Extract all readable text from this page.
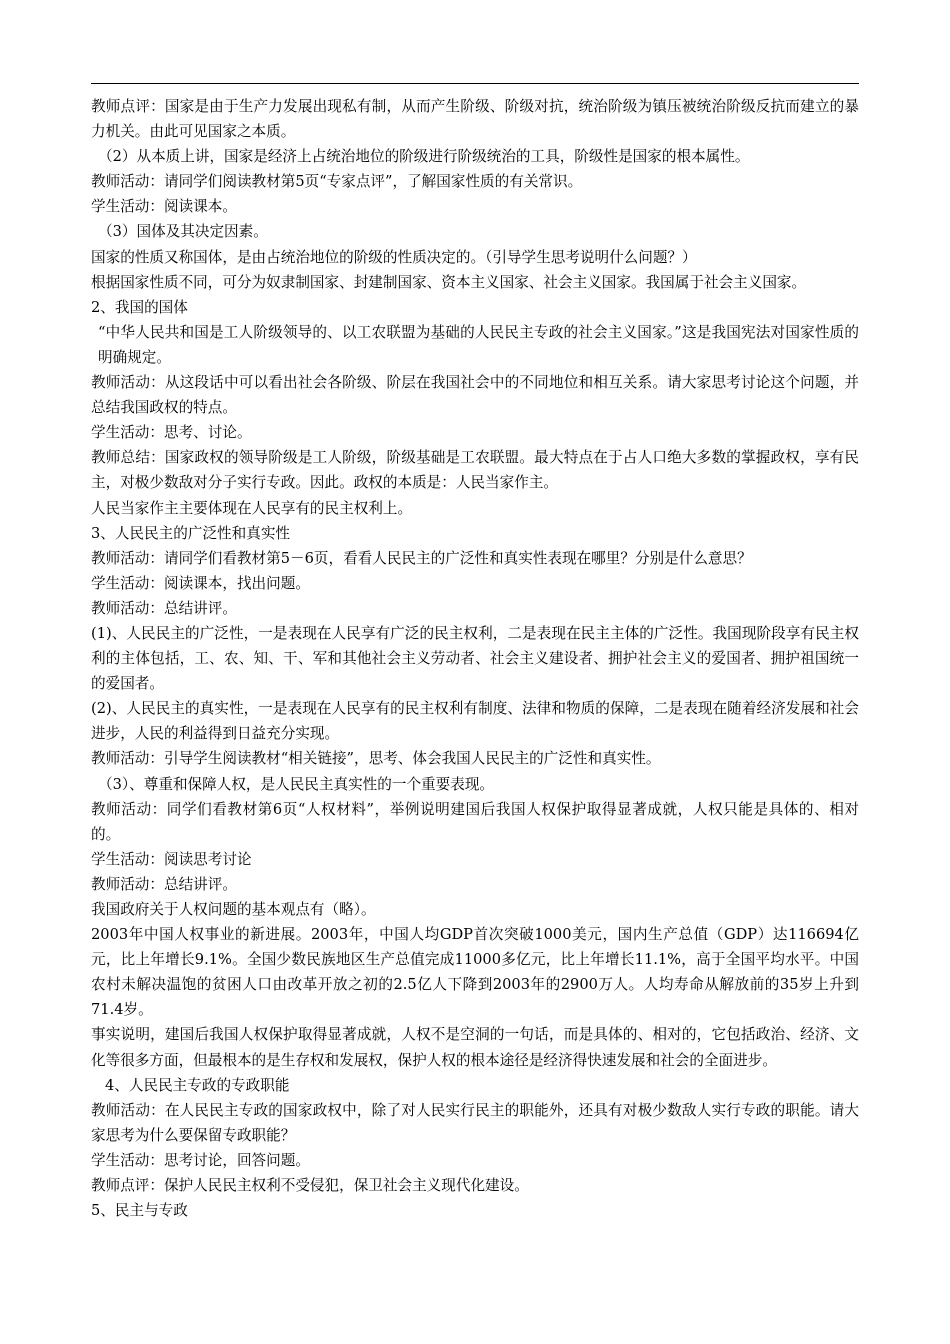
教师点评：国家是由于生产力发展出现私有制，从而产生阶级、阶级对抗，统治阶级为镇压被统治阶级反抗而建立的暴力机关。由此可见国家之本质。

（2）从本质上讲，国家是经济上占统治地位的阶级进行阶级统治的工具，阶级性是国家的根本属性。

教师活动：请同学们阅读教材第5页“专家点评”，了解国家性质的有关常识。

学生活动：阅读课本。

（3）国体及其决定因素。

国家的性质又称国体，是由占统治地位的阶级的性质决定的。（引导学生思考说明什么问题？）

根据国家性质不同，可分为奴隶制国家、封建制国家、资本主义国家、社会主义国家。我国属于社会主义国家。

2、我国的国体

“中华人民共和国是工人阶级领导的、以工农联盟为基础的人民民主专政的社会主义国家。”这是我国宪法对国家性质的明确规定。

教师活动：从这段话中可以看出社会各阶级、阶层在我国社会中的不同地位和相互关系。请大家思考讨论这个问题，并总结我国政权的特点。

学生活动：思考、讨论。

教师总结：国家政权的领导阶级是工人阶级，阶级基础是工农联盟。最大特点在于占人口绝大多数的掌握政权，享有民主，对极少数敌对分子实行专政。因此。政权的本质是：人民当家作主。

人民当家作主主要体现在人民享有的民主权利上。

3、人民民主的广泛性和真实性

教师活动：请同学们看教材第5－6页，看看人民民主的广泛性和真实性表现在哪里？分别是什么意思？

学生活动：阅读课本，找出问题。

教师活动：总结讲评。

(1)、人民民主的广泛性，一是表现在人民享有广泛的民主权利，二是表现在民主主体的广泛性。我国现阶段享有民主权利的主体包括，工、农、知、干、军和其他社会主义劳动者、社会主义建设者、拥护社会主义的爱国者、拥护祖国统一的爱国者。

(2)、人民民主的真实性，一是表现在人民享有的民主权利有制度、法律和物质的保障，二是表现在随着经济发展和社会进步，人民的利益得到日益充分实现。

教师活动：引导学生阅读教材“相关链接”，思考、体会我国人民民主的广泛性和真实性。

（3）、尊重和保障人权，是人民民主真实性的一个重要表现。

教师活动：同学们看教材第6页“人权材料”，举例说明建国后我国人权保护取得显著成就，人权只能是具体的、相对的。

学生活动：阅读思考讨论

教师活动：总结讲评。

我国政府关于人权问题的基本观点有（略）。

2003年中国人权事业的新进展。2003年，中国人均GDP首次突破1000美元，国内生产总值（GDP）达116694亿元，比上年增长9.1%。全国少数民族地区生产总值完成11000多亿元，比上年增长11.1%，高于全国平均水平。中国农村未解决温饱的贫困人口由改革开放之初的2.5亿人下降到2003年的2900万人。人均寿命从解放前的35岁上升到71.4岁。

事实说明，建国后我国人权保护取得显著成就，人权不是空洞的一句话，而是具体的、相对的，它包括政治、经济、文化等很多方面，但最根本的是生存权和发展权，保护人权的根本途径是经济得快速发展和社会的全面进步。

4、人民民主专政的专政职能

教师活动：在人民民主专政的国家政权中，除了对人民实行民主的职能外，还具有对极少数敌人实行专政的职能。请大家思考为什么要保留专政职能？

学生活动：思考讨论，回答问题。

教师点评：保护人民民主权利不受侵犯，保卫社会主义现代化建设。

5、民主与专政
